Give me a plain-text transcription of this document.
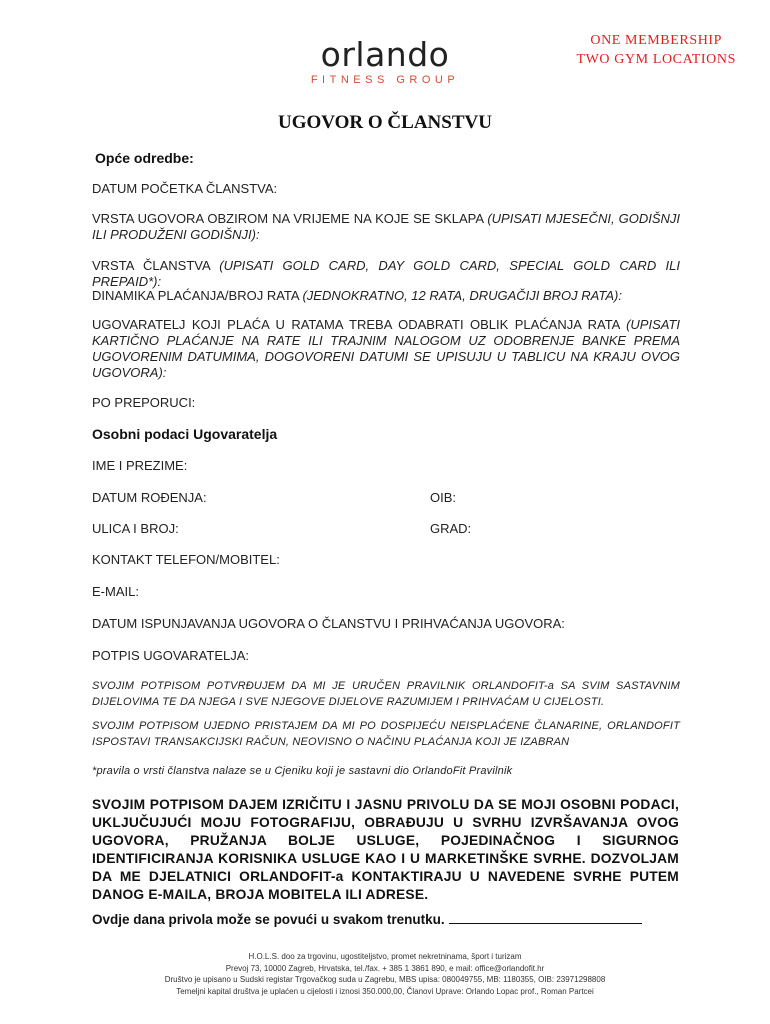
orlando
FITNESS GROUP
ONE MEMBERSHIP
TWO GYM LOCATIONS
UGOVOR O ČLANSTVU
Opće odredbe:
DATUM POČETKA ČLANSTVA:
VRSTA UGOVORA OBZIROM NA VRIJEME NA KOJE SE SKLAPA (UPISATI MJESEČNI, GODIŠNJI ILI PRODUŽENI GODIŠNJI):
VRSTA ČLANSTVA (UPISATI GOLD CARD, DAY GOLD CARD, SPECIAL GOLD CARD ILI PREPAID*):
DINAMIKA PLAĆANJA/BROJ RATA (JEDNOKRATNO, 12 RATA, DRUGAČIJI BROJ RATA):
UGOVARATELJ KOJI PLAĆA U RATAMA TREBA ODABRATI OBLIK PLAĆANJA RATA (UPISATI KARTIČNO PLAĆANJE NA RATE ILI TRAJNIM NALOGOM UZ ODOBRENJE BANKE PREMA UGOVORENIM DATUMIMA, DOGOVORENI DATUMI SE UPISUJU U TABLICU NA KRAJU OVOG UGOVORA):
PO PREPORUCI:
Osobni podaci Ugovaratelja
IME I PREZIME:
DATUM ROĐENJA:	OIB:
ULICA I BROJ:	GRAD:
KONTAKT TELEFON/MOBITEL:
E-MAIL:
DATUM ISPUNJAVANJA UGOVORA O ČLANSTVU I PRIHVAĆANJA UGOVORA:
POTPIS UGOVARATELJA:
SVOJIM POTPISOM POTVRĐUJEM DA MI JE URUČEN PRAVILNIK ORLANDOFIT-a SA SVIM SASTAVNIM DIJELOVIMA TE DA NJEGA I SVE NJEGOVE DIJELOVE RAZUMIJEM I PRIHVAĆAM U CIJELOSTI.
SVOJIM POTPISOM UJEDNO PRISTAJEM DA MI PO DOSPIJEĆU NEISPLAĆENE ČLANARINE, ORLANDOFIT ISPOSTAVI TRANSAKCIJSKI RAČUN, NEOVISNO O NAČINU PLAĆANJA KOJI JE IZABRAN
*pravila o vrsti članstva nalaze se u Cjeniku koji je sastavni dio OrlandoFit Pravilnik
SVOJIM POTPISOM DAJEM IZRIČITU I JASNU PRIVOLU DA SE MOJI OSOBNI PODACI, UKLJUČUJUĆI MOJU FOTOGRAFIJU, OBRAĐUJU U SVRHU IZVRŠAVANJA OVOG UGOVORA, PRUŽANJA BOLJE USLUGE, POJEDINAČNOG I SIGURNOG IDENTIFICIRANJA KORISNIKA USLUGE KAO I U MARKETINŠKE SVRHE. DOZVOLJAM DA ME DJELATNICI ORLANDOFIT-a KONTAKTIRAJU U NAVEDENE SVRHE PUTEM DANOG E-MAILA, BROJA MOBITELA ILI ADRESE.
Ovdje dana privola može se povući u svakom trenutku.
H.O.L.S. doo za trgovinu, ugostiteljstvo, promet nekretninama, šport i turizam
Prevoj 73, 10000 Zagreb, Hrvatska, tel./fax. + 385 1 3861 890, e mail: office@orlandofit.hr
Društvo je upisano u Sudski registar Trgovačkog suda u Zagrebu, MBS upisa: 080049755, MB: 1180355, OIB: 23971298808
Temeljni kapital društva je uplaćen u cijelosti i iznosi 350.000,00, Članovi Uprave: Orlando Lopac prof., Roman Partcei
